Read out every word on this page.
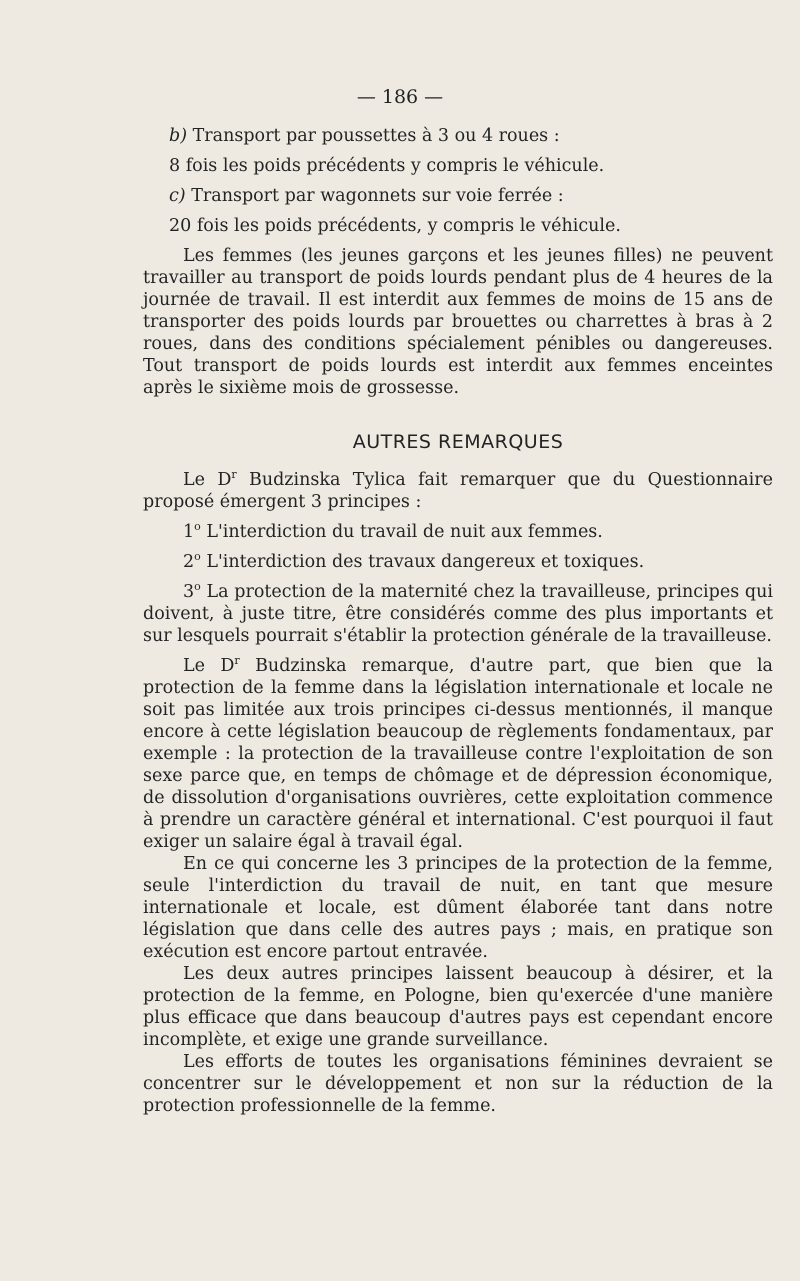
— 186 —

b) Transport par poussettes à 3 ou 4 roues :

8 fois les poids précédents y compris le véhicule.

c) Transport par wagonnets sur voie ferrée :

20 fois les poids précédents, y compris le véhicule.

Les femmes (les jeunes garçons et les jeunes filles) ne peuvent travailler au transport de poids lourds pendant plus de 4 heures de la journée de travail. Il est interdit aux femmes de moins de 15 ans de transporter des poids lourds par brouettes ou charrettes à bras à 2 roues, dans des conditions spécialement pénibles ou dangereuses. Tout transport de poids lourds est interdit aux femmes enceintes après le sixième mois de grossesse.

AUTRES REMARQUES

Le $D^r$ Budzinska Tylica fait remarquer que du Questionnaire proposé émergent 3 principes :

1$^o$ L'interdiction du travail de nuit aux femmes.

2$^o$ L'interdiction des travaux dangereux et toxiques.

3$^o$ La protection de la maternité chez la travailleuse, principes qui doivent, à juste titre, être considérés comme des plus importants et sur lesquels pourrait s'établir la protection générale de la travailleuse.

Le $D^r$ Budzinska remarque, d'autre part, que bien que la protection de la femme dans la législation internationale et locale ne soit pas limitée aux trois principes ci-dessus mentionnés, il manque encore à cette législation beaucoup de règlements fondamentaux, par exemple : la protection de la travailleuse contre l'exploitation de son sexe parce que, en temps de chômage et de dépression économique, de dissolution d'organisations ouvrières, cette exploitation commence à prendre un caractère général et international. C'est pourquoi il faut exiger un salaire égal à travail égal.

En ce qui concerne les 3 principes de la protection de la femme, seule l'interdiction du travail de nuit, en tant que mesure internationale et locale, est dûment élaborée tant dans notre législation que dans celle des autres pays ; mais, en pratique son exécution est encore partout entravée.

Les deux autres principes laissent beaucoup à désirer, et la protection de la femme, en Pologne, bien qu'exercée d'une manière plus efficace que dans beaucoup d'autres pays est cependant encore incomplète, et exige une grande surveillance.

Les efforts de toutes les organisations féminines devraient se concentrer sur le développement et non sur la réduction de la protection professionnelle de la femme.
